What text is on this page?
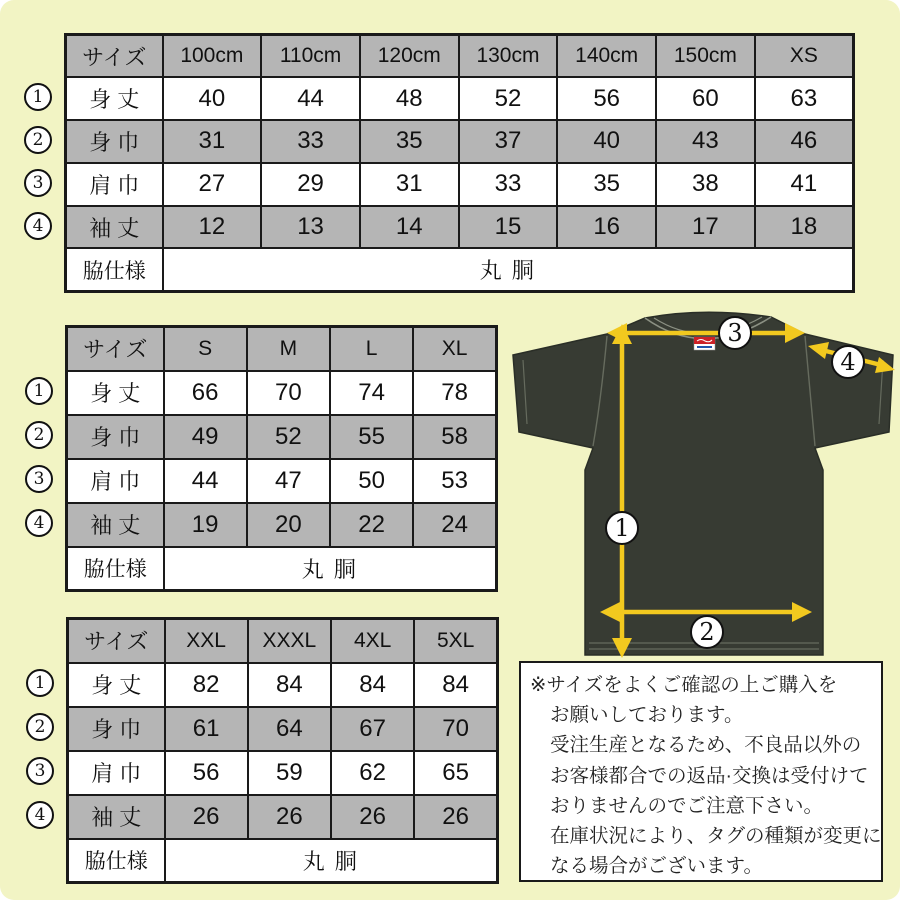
サイズ	100cm	110cm	120cm	130cm	140cm	150cm	XS
身 丈	40	44	48	52	56	60	63
身 巾	31	33	35	37	40	43	46
肩 巾	27	29	31	33	35	38	41
袖 丈	12	13	14	15	16	17	18
脇仕様	丸 胴						
1
2
3
4
サイズ	S	M	L	XL
身 丈	66	70	74	78
身 巾	49	52	55	58
肩 巾	44	47	50	53
袖 丈	19	20	22	24
脇仕様	丸 胴			
1
2
3
4
サイズ	XXL	XXXL	4XL	5XL
身 丈	82	84	84	84
身 巾	61	64	67	70
肩 巾	56	59	62	65
袖 丈	26	26	26	26
脇仕様	丸 胴			
1
2
3
4
1
2
3
4
※サイズをよくご確認の上ご購入を
お願いしております。
受注生産となるため、不良品以外の
お客様都合での返品·交換は受付けて
おりませんのでご注意下さい。
在庫状況により、タグの種類が変更に
なる場合がございます。
